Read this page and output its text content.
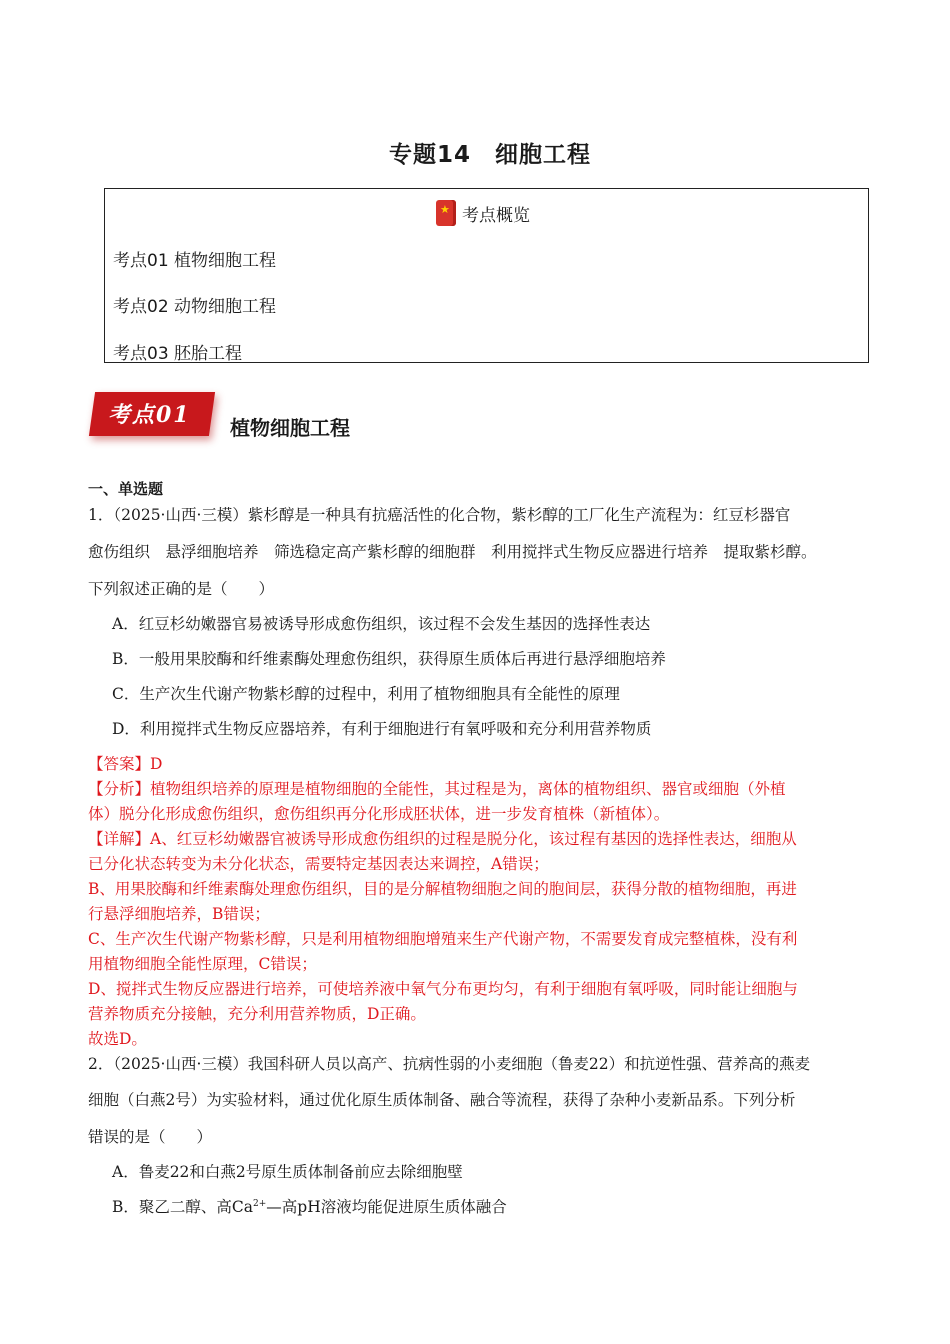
专题14　细胞工程
★
考点概览
考点01 植物细胞工程
考点02 动物细胞工程
考点03 胚胎工程
考点01	植物细胞工程
一、单选题
1．（2025·山西·三模）紫杉醇是一种具有抗癌活性的化合物，紫杉醇的工厂化生产流程为：红豆杉器官
愈伤组织　悬浮细胞培养　筛选稳定高产紫杉醇的细胞群　利用搅拌式生物反应器进行培养　提取紫杉醇。
下列叙述正确的是（　　）
A．红豆杉幼嫩器官易被诱导形成愈伤组织，该过程不会发生基因的选择性表达
B．一般用果胶酶和纤维素酶处理愈伤组织，获得原生质体后再进行悬浮细胞培养
C．生产次生代谢产物紫杉醇的过程中，利用了植物细胞具有全能性的原理
D．利用搅拌式生物反应器培养，有利于细胞进行有氧呼吸和充分利用营养物质
【答案】D
【分析】植物组织培养的原理是植物细胞的全能性，其过程是为，离体的植物组织、器官或细胞（外植
体）脱分化形成愈伤组织，愈伤组织再分化形成胚状体，进一步发育植株（新植体）。
【详解】A、红豆杉幼嫩器官被诱导形成愈伤组织的过程是脱分化，该过程有基因的选择性表达，细胞从
已分化状态转变为未分化状态，需要特定基因表达来调控，A错误；
B、用果胶酶和纤维素酶处理愈伤组织，目的是分解植物细胞之间的胞间层，获得分散的植物细胞，再进
行悬浮细胞培养，B错误；
C、生产次生代谢产物紫杉醇，只是利用植物细胞增殖来生产代谢产物，不需要发育成完整植株，没有利
用植物细胞全能性原理，C错误；
D、搅拌式生物反应器进行培养，可使培养液中氧气分布更均匀，有利于细胞有氧呼吸，同时能让细胞与
营养物质充分接触，充分利用营养物质，D正确。
故选D。
2．（2025·山西·三模）我国科研人员以高产、抗病性弱的小麦细胞（鲁麦22）和抗逆性强、营养高的燕麦
细胞（白燕2号）为实验材料，通过优化原生质体制备、融合等流程，获得了杂种小麦新品系。下列分析
错误的是（　　）
A．鲁麦22和白燕2号原生质体制备前应去除细胞壁
B．聚乙二醇、高$Ca^{2+}—$高pH溶液均能促进原生质体融合
